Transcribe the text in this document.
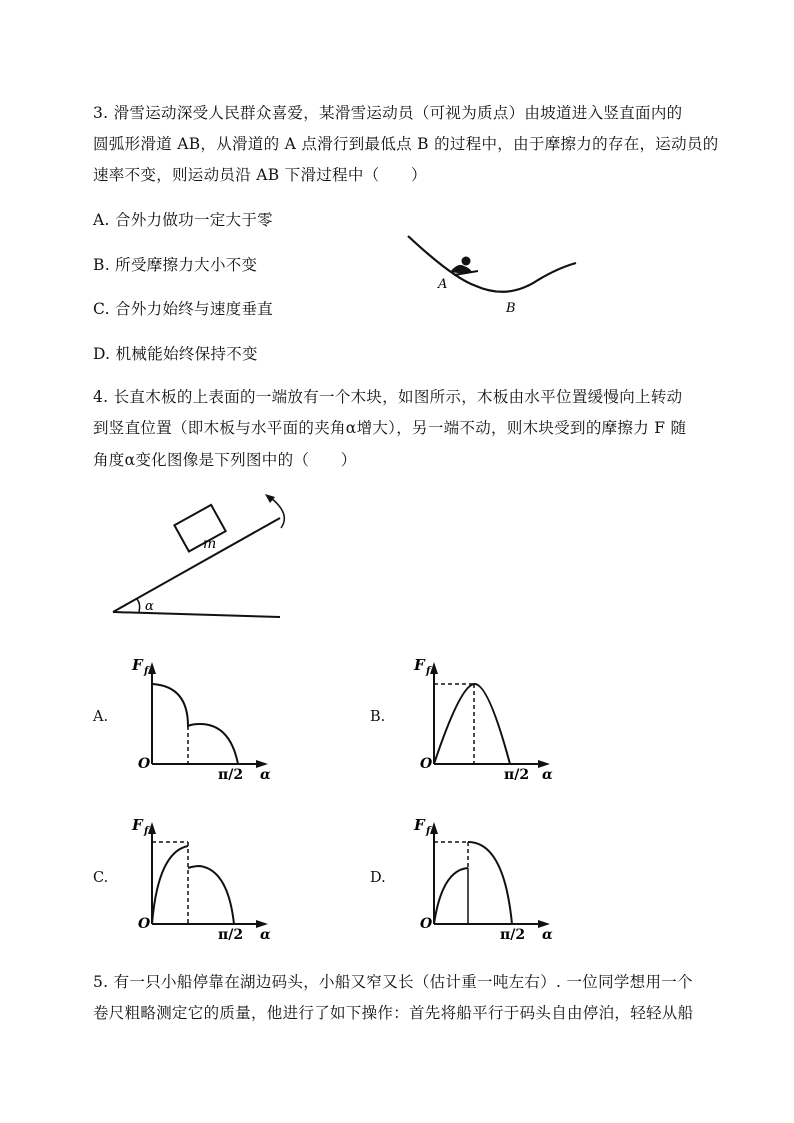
3. 滑雪运动深受人民群众喜爱，某滑雪运动员（可视为质点）由坡道进入竖直面内的
圆弧形滑道 AB，从滑道的 A 点滑行到最低点 B 的过程中，由于摩擦力的存在，运动员的
速率不变，则运动员沿 AB 下滑过程中（　　）
A. 合外力做功一定大于零
B. 所受摩擦力大小不变
C. 合外力始终与速度垂直
D. 机械能始终保持不变
A
B
4. 长直木板的上表面的一端放有一个木块，如图所示，木板由水平位置缓慢向上转动
到竖直位置（即木板与水平面的夹角α增大），另一端不动，则木块受到的摩擦力 F 随
角度α变化图像是下列图中的（　　）
m
α
A.
F f
O
π/2 α
B.
F f
O
π/2 α
C.
F f
O
π/2 α
D.
F f
O
π/2 α
5. 有一只小船停靠在湖边码头，小船又窄又长（估计重一吨左右）. 一位同学想用一个
卷尺粗略测定它的质量，他进行了如下操作：首先将船平行于码头自由停泊，轻轻从船
